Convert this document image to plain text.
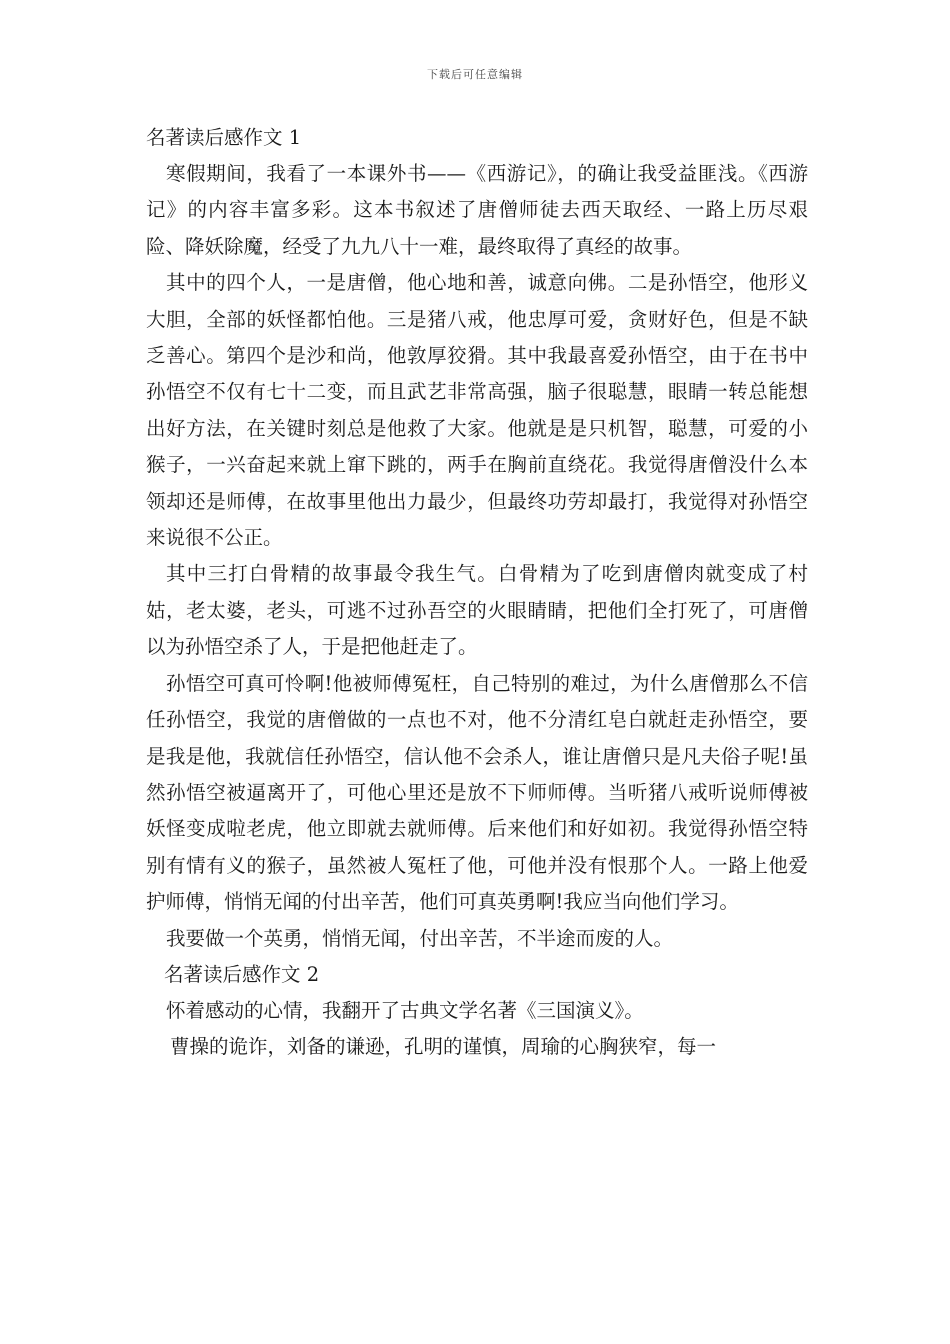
下载后可任意编辑
名著读后感作文 1

寒假期间，我看了一本课外书——《西游记》，的确让我受益匪浅。《西游记》的内容丰富多彩。这本书叙述了唐僧师徒去西天取经、一路上历尽艰险、降妖除魔，经受了九九八十一难，最终取得了真经的故事。

其中的四个人，一是唐僧，他心地和善，诚意向佛。二是孙悟空，他形义大胆，全部的妖怪都怕他。三是猪八戒，他忠厚可爱，贪财好色，但是不缺乏善心。第四个是沙和尚，他敦厚狡猾。其中我最喜爱孙悟空，由于在书中孙悟空不仅有七十二变，而且武艺非常高强，脑子很聪慧，眼睛一转总能想出好方法，在关键时刻总是他救了大家。他就是是只机智，聪慧，可爱的小猴子，一兴奋起来就上窜下跳的，两手在胸前直绕花。我觉得唐僧没什么本领却还是师傅，在故事里他出力最少，但最终功劳却最打，我觉得对孙悟空来说很不公正。

其中三打白骨精的故事最令我生气。白骨精为了吃到唐僧肉就变成了村姑，老太婆，老头，可逃不过孙吾空的火眼睛睛，把他们全打死了，可唐僧以为孙悟空杀了人，于是把他赶走了。

孙悟空可真可怜啊!他被师傅冤枉，自己特别的难过，为什么唐僧那么不信任孙悟空，我觉的唐僧做的一点也不对，他不分清红皂白就赶走孙悟空，要是我是他，我就信任孙悟空，信认他不会杀人，谁让唐僧只是凡夫俗子呢!虽然孙悟空被逼离开了，可他心里还是放不下师师傅。当听猪八戒听说师傅被妖怪变成啦老虎，他立即就去就师傅。后来他们和好如初。我觉得孙悟空特别有情有义的猴子，虽然被人冤枉了他，可他并没有恨那个人。一路上他爱护师傅，悄悄无闻的付出辛苦，他们可真英勇啊!我应当向他们学习。

我要做一个英勇，悄悄无闻，付出辛苦，不半途而废的人。

名著读后感作文 2

怀着感动的心情，我翻开了古典文学名著《三国演义》。

曹操的诡诈，刘备的谦逊，孔明的谨慎，周瑜的心胸狭窄，每一
